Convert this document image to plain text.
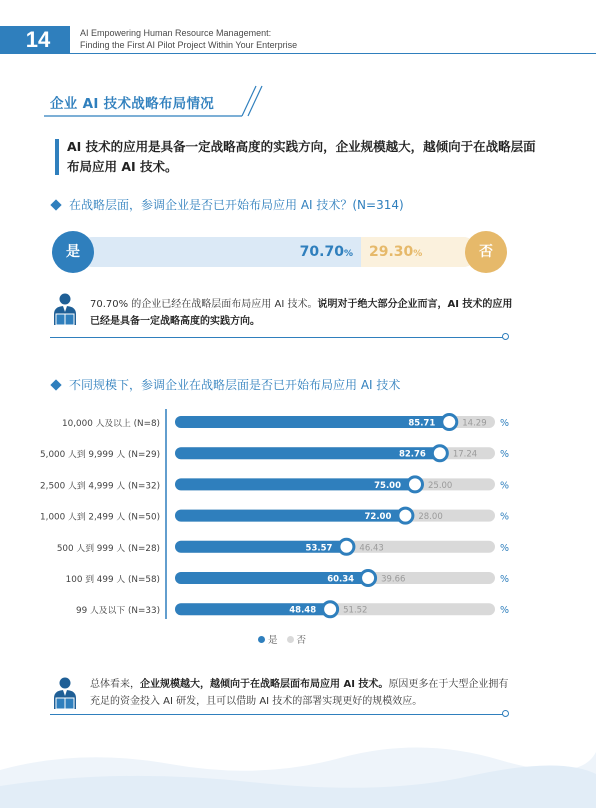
14	AI Empowering Human Resource Management:
Finding the First AI Pilot Project Within Your Enterprise
企业 AI 技术战略布局情况
AI 技术的应用是具备一定战略高度的实践方向，企业规模越大，越倾向于在战略层面布局应用 AI 技术。
在战略层面，参调企业是否已开始布局应用 AI 技术？(N=314)
70.70% 29.30%
是	否
70.70% 的企业已经在战略层面布局应用 AI 技术。说明对于绝大部分企业而言，AI 技术的应用已经是具备一定战略高度的实践方向。
不同规模下，参调企业在战略层面是否已开始布局应用 AI 技术
10,000 人及以上 (N=8)	85.71	14.29 %
5,000 人到 9,999 人 (N=29)	82.76	17.24 %
2,500 人到 4,999 人 (N=32)	75.00	25.00	%
1,000 人到 2,499 人 (N=50)	72.00	28.00	%
500 人到 999 人 (N=28)	53.57	46.43	%
100 到 499 人 (N=58)	60.34	39.66	%
99 人及以下 (N=33)	48.48	51.52	%
是 否
总体看来，企业规模越大，越倾向于在战略层面布局应用 AI 技术。原因更多在于大型企业拥有充足的资金投入 AI 研发，且可以借助 AI 技术的部署实现更好的规模效应。
